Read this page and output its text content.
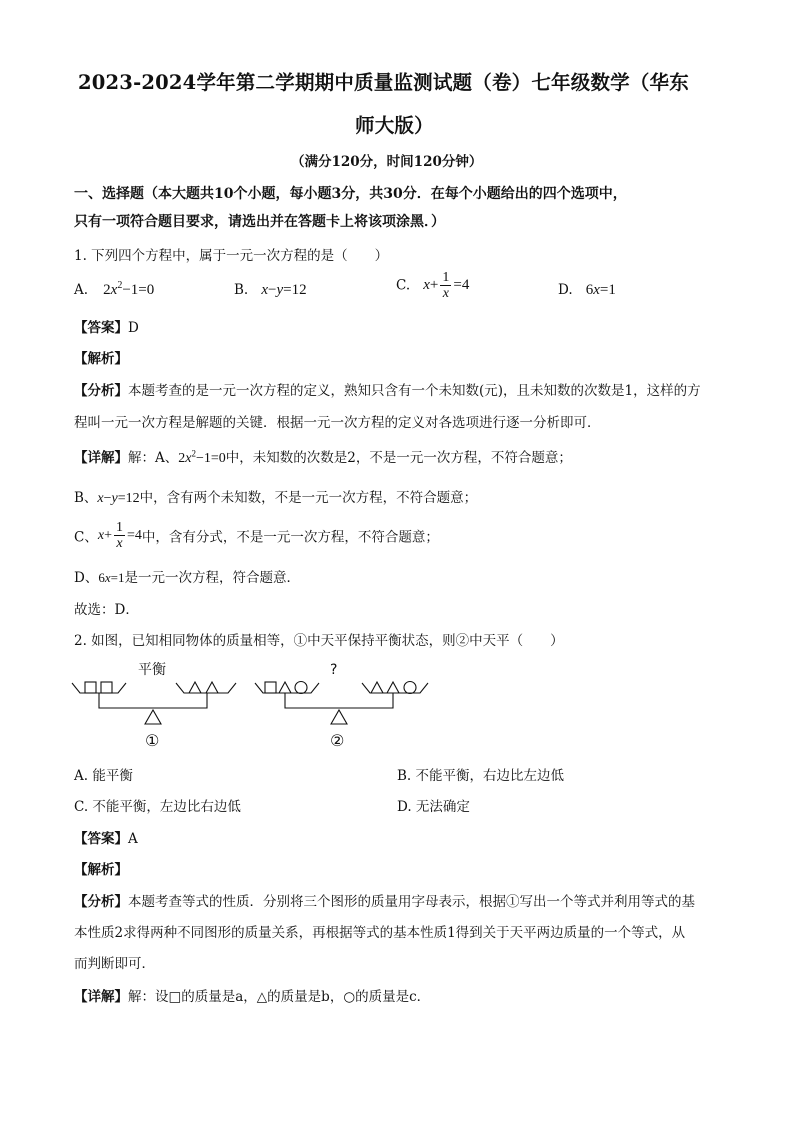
2023-2024学年第二学期期中质量监测试题（卷）七年级数学（华东
师大版）
（满分120分，时间120分钟）
一、选择题（本大题共10个小题，每小题3分，共30分．在每个小题给出的四个选项中，
只有一项符合题目要求，请选出并在答题卡上将该项涂黑．）
1. 下列四个方程中，属于一元一次方程的是（　　）
A. $2x^2-1=0$	B. x−y=12	C. $x+ \frac{1}{x} =4$	D. 6x=1
【答案】D
【解析】
【分析】本题考查的是一元一次方程的定义，熟知只含有一个未知数(元)，且未知数的次数是1，这样的方
程叫一元一次方程是解题的关键．根据一元一次方程的定义对各选项进行逐一分析即可．
【详解】解：A、$2x^2-1=0$中，未知数的次数是2，不是一元一次方程，不符合题意；
B、x−y=12中，含有两个未知数，不是一元一次方程，不符合题意；
C、$x+ \frac{1}{x} =4$中，含有分式，不是一元一次方程，不符合题意；
D、6x=1是一元一次方程，符合题意．
故选：D．
2. 如图，已知相同物体的质量相等，①中天平保持平衡状态，则②中天平（　　）
平衡
①
?
②
A. 能平衡	B. 不能平衡，右边比左边低
C. 不能平衡，左边比右边低	D. 无法确定
【答案】A
【解析】
【分析】本题考查等式的性质．分别将三个图形的质量用字母表示，根据①写出一个等式并利用等式的基
本性质2求得两种不同图形的质量关系，再根据等式的基本性质1得到关于天平两边质量的一个等式，从
而判断即可．
【详解】解：设□的质量是a，△的质量是b，○的质量是c．
